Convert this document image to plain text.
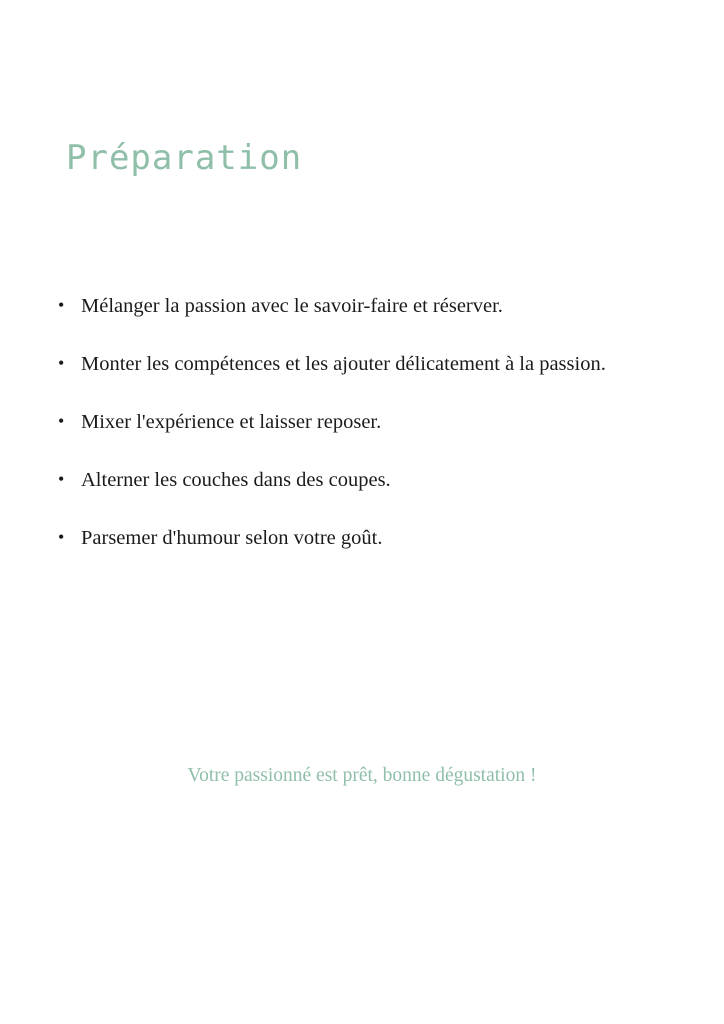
Préparation
• Mélanger la passion avec le savoir-faire et réserver.
• Monter les compétences et les ajouter délicatement à la passion.
• Mixer l'expérience et laisser reposer.
• Alterner les couches dans des coupes.
• Parsemer d'humour selon votre goût.
Votre passionné est prêt, bonne dégustation !
